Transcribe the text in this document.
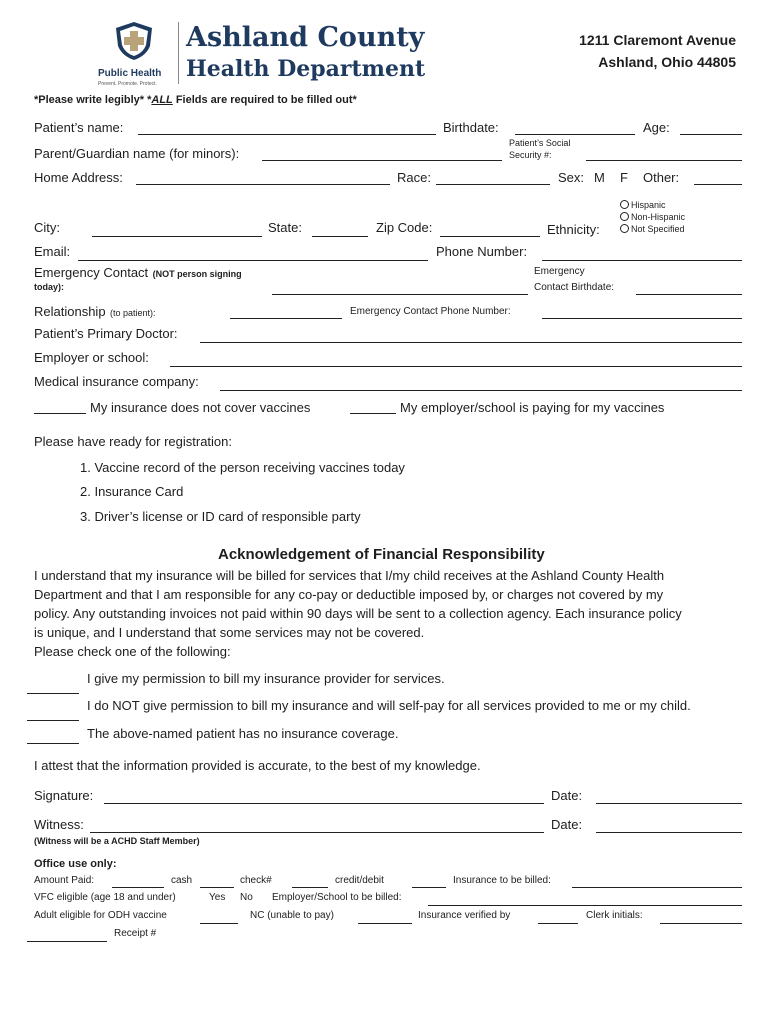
Public Health
Prevent. Promote. Protect.
Ashland County
Health Department
1211 Claremont Avenue
Ashland, Ohio 44805
*Please write legibly* *ALL Fields are required to be filled out*
Patient’s name:	Birthdate:	Age:
Parent/Guardian name (for minors):
Patient’s Social
Security #:
Home Address:	Race:	Sex: M F Other:
City:	State:	Zip Code:	Ethnicity:
Hispanic
Non-Hispanic
Not Specified
Email:	Phone Number:
Emergency Contact (NOT person signing
today):
Emergency
Contact Birthdate:
Relationship (to patient):	Emergency Contact Phone Number:
Patient’s Primary Doctor:
Employer or school:
Medical insurance company:
My insurance does not cover vaccines	My employer/school is paying for my vaccines
Please have ready for registration:
1. Vaccine record of the person receiving vaccines today
2. Insurance Card
3. Driver’s license or ID card of responsible party
Acknowledgement of Financial Responsibility
I understand that my insurance will be billed for services that I/my child receives at the Ashland County Health
Department and that I am responsible for any co-pay or deductible imposed by, or charges not covered by my
policy. Any outstanding invoices not paid within 90 days will be sent to a collection agency. Each insurance policy
is unique, and I understand that some services may not be covered.
Please check one of the following:
I give my permission to bill my insurance provider for services.
I do NOT give permission to bill my insurance and will self-pay for all services provided to me or my child.
The above-named patient has no insurance coverage.
I attest that the information provided is accurate, to the best of my knowledge.
Signature:	Date:
Witness:	Date:
(Witness will be a ACHD Staff Member)
Office use only:
Amount Paid:	cash	check#	credit/debit	Insurance to be billed:
VFC eligible (age 18 and under)	Yes No Employer/School to be billed:
Adult eligible for ODH vaccine	NC (unable to pay)	Insurance verified by	Clerk initials:
Receipt #
